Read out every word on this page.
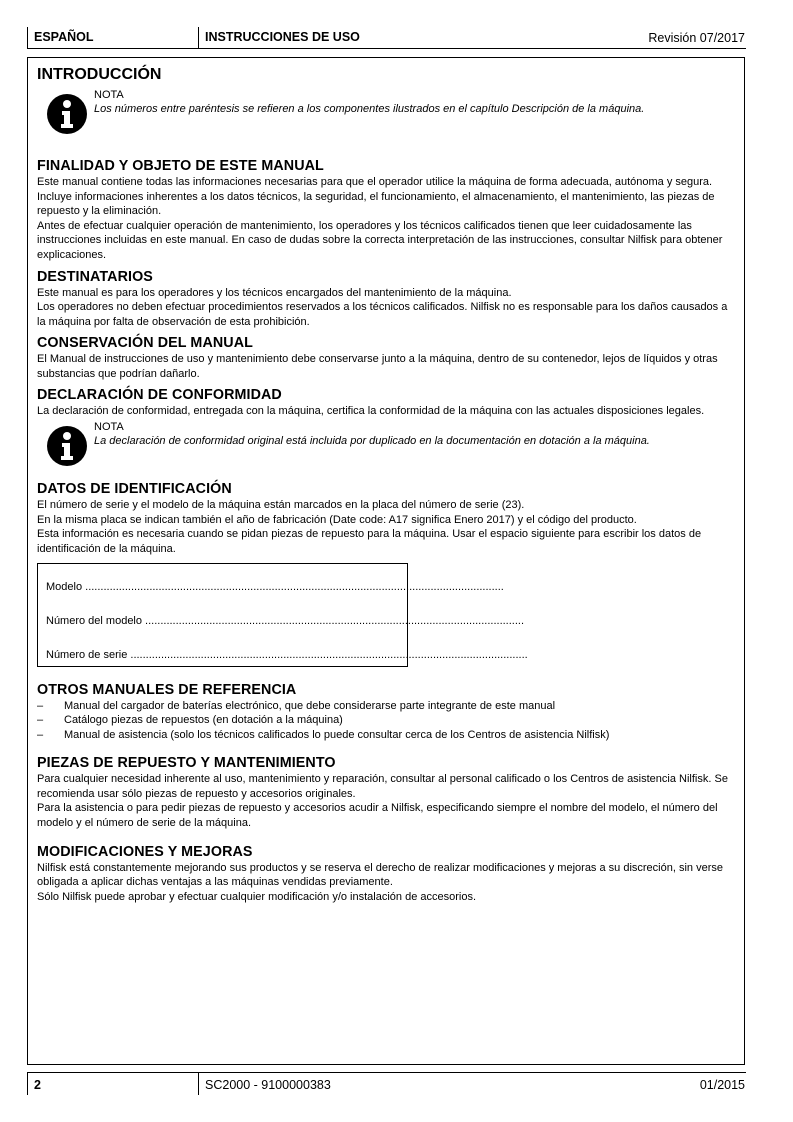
ESPAÑOL	INSTRUCCIONES DE USO	Revisión 07/2017
INTRODUCCIÓN
NOTA
Los números entre paréntesis se refieren a los componentes ilustrados en el capítulo Descripción de la máquina.
FINALIDAD Y OBJETO DE ESTE MANUAL

Este manual contiene todas las informaciones necesarias para que el operador utilice la máquina de forma adecuada, autónoma y segura. Incluye informaciones inherentes a los datos técnicos, la seguridad, el funcionamiento, el almacenamiento, el mantenimiento, las piezas de repuesto y la eliminación.

Antes de efectuar cualquier operación de mantenimiento, los operadores y los técnicos calificados tienen que leer cuidadosamente las instrucciones incluidas en este manual. En caso de dudas sobre la correcta interpretación de las instrucciones, consultar Nilfisk para obtener explicaciones.

DESTINATARIOS

Este manual es para los operadores y los técnicos encargados del mantenimiento de la máquina.

Los operadores no deben efectuar procedimientos reservados a los técnicos calificados. Nilfisk no es responsable para los daños causados a la máquina por falta de observación de esta prohibición.

CONSERVACIÓN DEL MANUAL

El Manual de instrucciones de uso y mantenimiento debe conservarse junto a la máquina, dentro de su contenedor, lejos de líquidos y otras substancias que podrían dañarlo.

DECLARACIÓN DE CONFORMIDAD

La declaración de conformidad, entregada con la máquina, certifica la conformidad de la máquina con las actuales disposiciones legales.

NOTA
La declaración de conformidad original está incluida por duplicado en la documentación en dotación a la máquina.
DATOS DE IDENTIFICACIÓN

El número de serie y el modelo de la máquina están marcados en la placa del número de serie (23).

En la misma placa se indican también el año de fabricación (Date code: A17 significa Enero 2017) y el código del producto.

Esta información es necesaria cuando se pidan piezas de repuesto para la máquina. Usar el espacio siguiente para escribir los datos de identificación de la máquina.

Modelo .........................................................................................................................................
Número del modelo ............................................................................................................................
Número de serie ..................................................................................................................................
OTROS MANUALES DE REFERENCIA
– Manual del cargador de baterías electrónico, que debe considerarse parte integrante de este manual
– Catálogo piezas de repuestos (en dotación a la máquina)
– Manual de asistencia (solo los técnicos calificados lo puede consultar cerca de los Centros de asistencia Nilfisk)
PIEZAS DE REPUESTO Y MANTENIMIENTO

Para cualquier necesidad inherente al uso, mantenimiento y reparación, consultar al personal calificado o los Centros de asistencia Nilfisk. Se recomienda usar sólo piezas de repuesto y accesorios originales.

Para la asistencia o para pedir piezas de repuesto y accesorios acudir a Nilfisk, especificando siempre el nombre del modelo, el número del modelo y el número de serie de la máquina.

MODIFICACIONES Y MEJORAS

Nilfisk está constantemente mejorando sus productos y se reserva el derecho de realizar modificaciones y mejoras a su discreción, sin verse obligada a aplicar dichas ventajas a las máquinas vendidas previamente.

Sólo Nilfisk puede aprobar y efectuar cualquier modificación y/o instalación de accesorios.

2	SC2000 - 9100000383	01/2015
